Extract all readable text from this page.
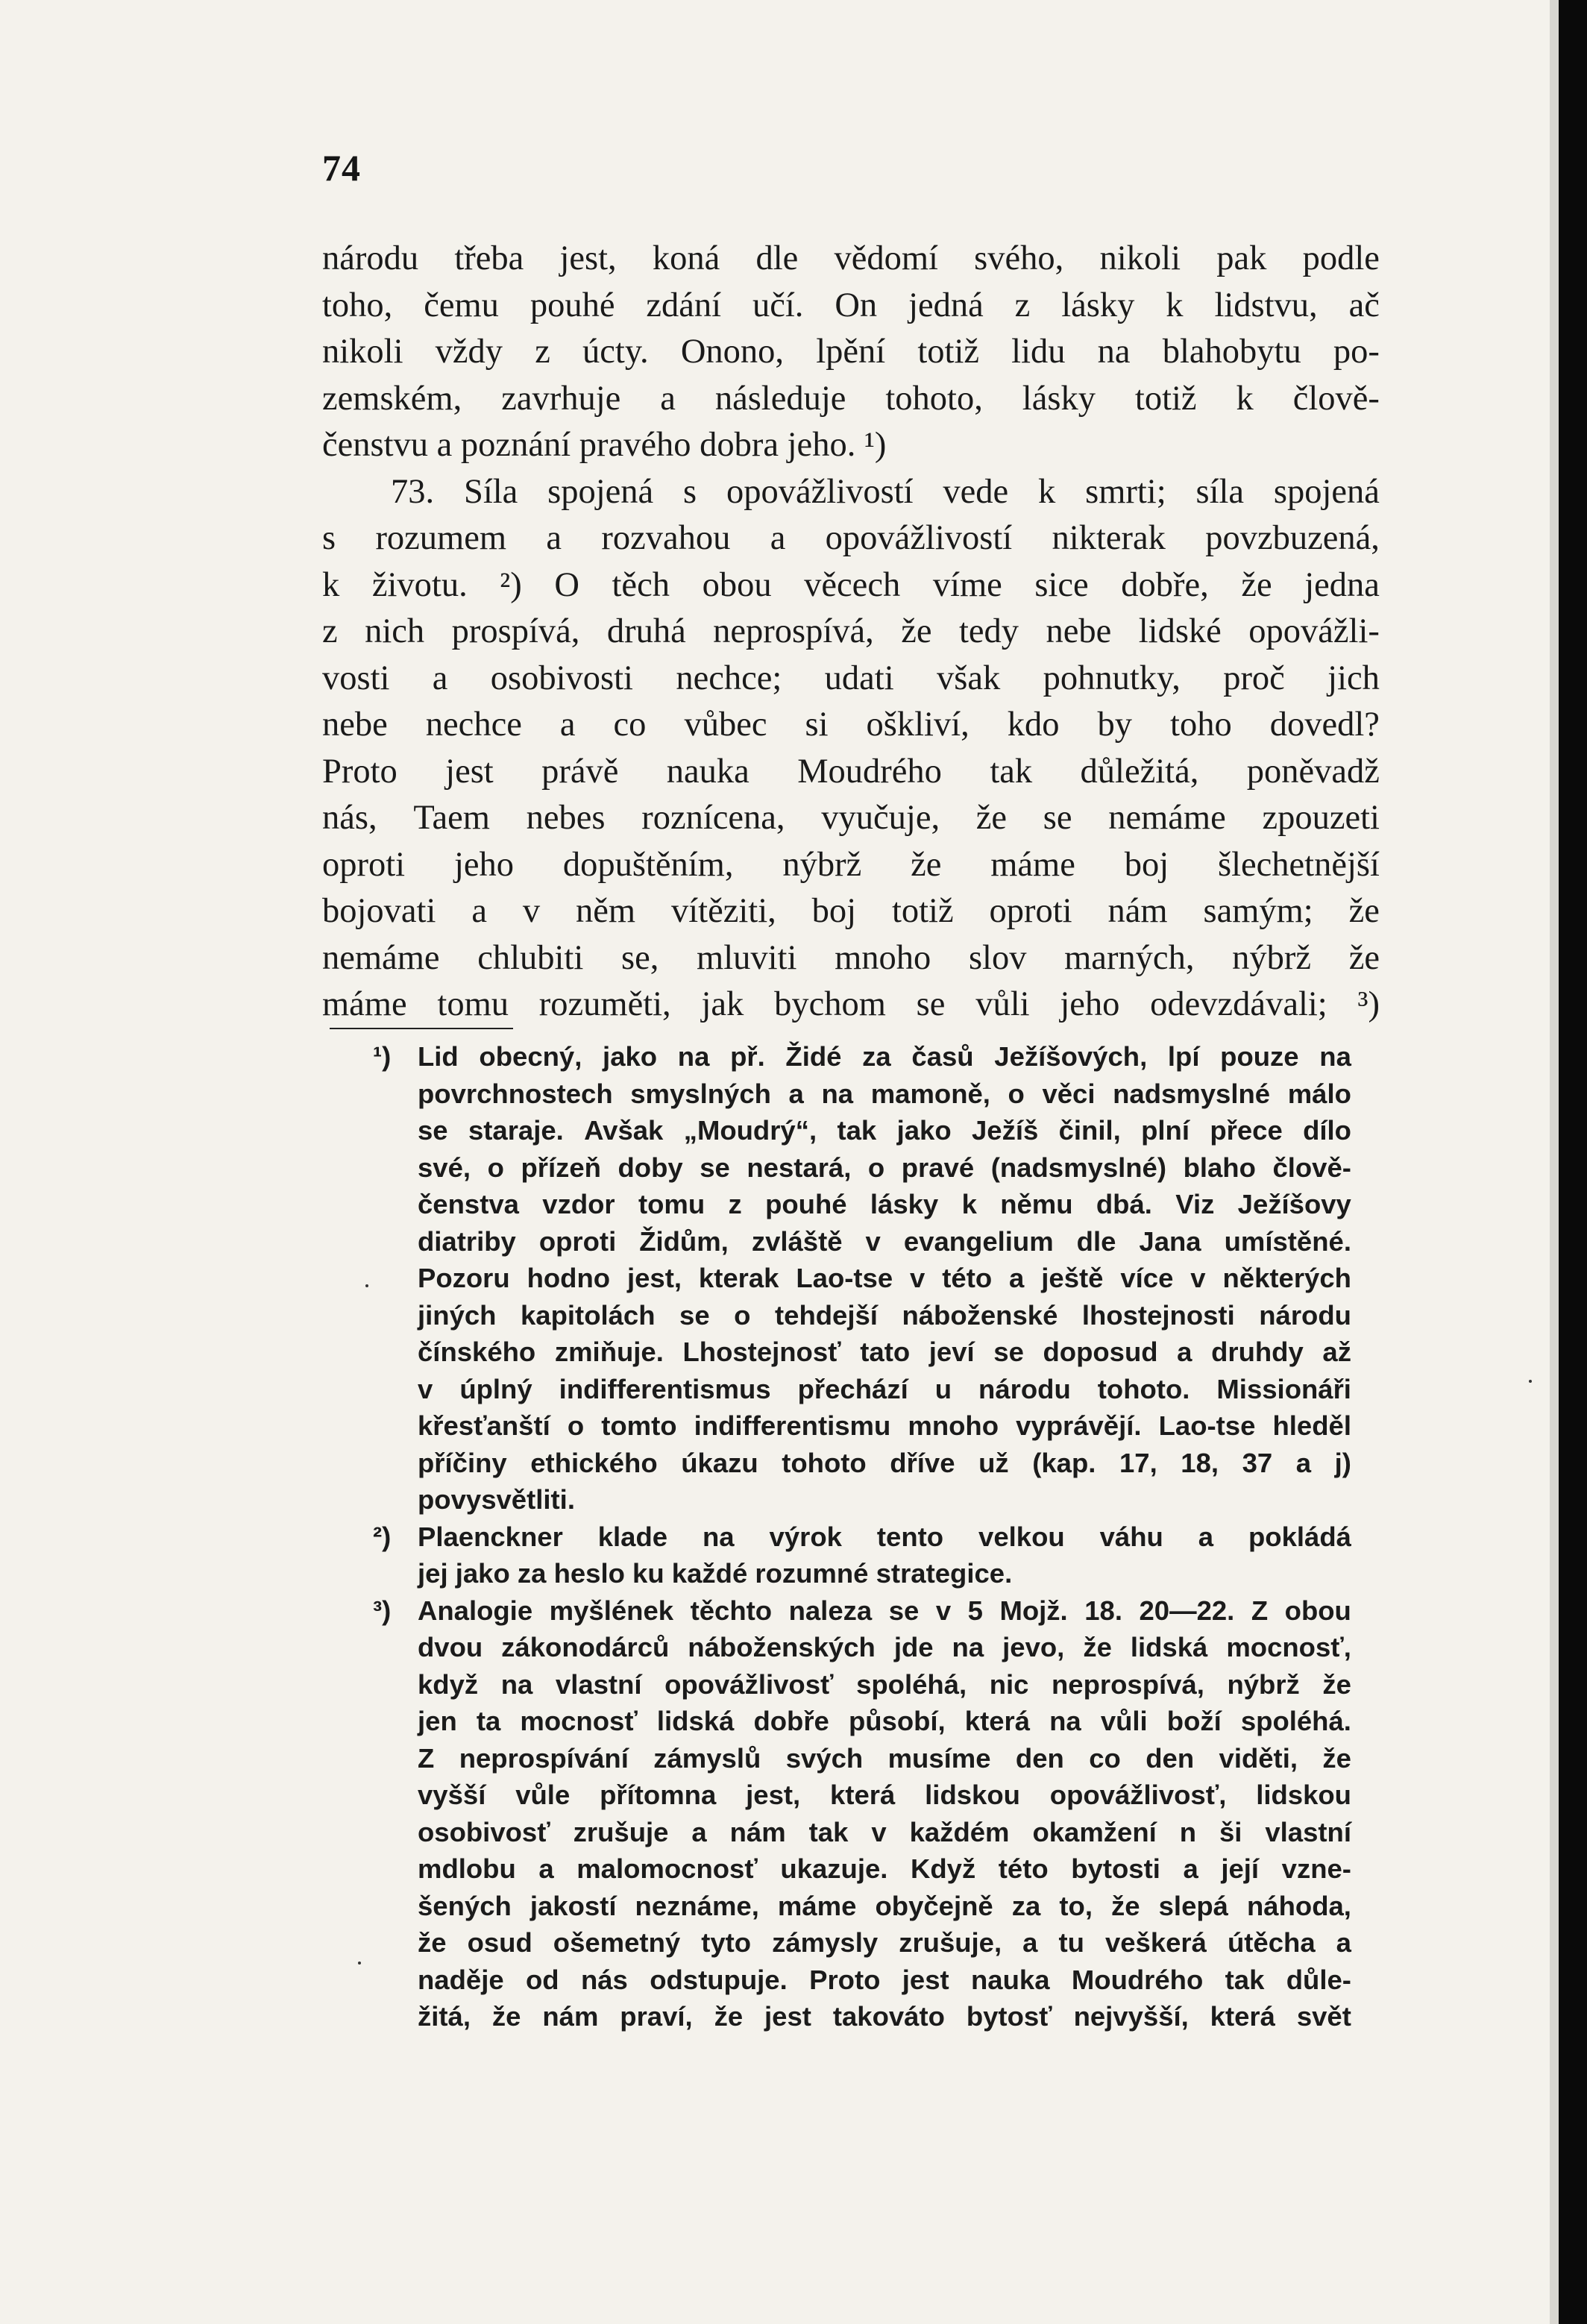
74
národu třeba jest, koná dle vědomí svého, nikoli pak podle
toho, čemu pouhé zdání učí. On jedná z lásky k lidstvu, ač
nikoli vždy z úcty. Onono, lpění totiž lidu na blahobytu po-
zemském, zavrhuje a následuje tohoto, lásky totiž k člově-
čenstvu a poznání pravého dobra jeho. ¹)
73. Síla spojená s opovážlivostí vede k smrti; síla spojená
s rozumem a rozvahou a opovážlivostí nikterak povzbuzená,
k životu. ²) O těch obou věcech víme sice dobře, že jedna
z nich prospívá, druhá neprospívá, že tedy nebe lidské opovážli-
vosti a osobivosti nechce; udati však pohnutky, proč jich
nebe nechce a co vůbec si oškliví, kdo by toho dovedl?
Proto jest právě nauka Moudrého tak důležitá, poněvadž
nás, Taem nebes roznícena, vyučuje, že se nemáme zpouzeti
oproti jeho dopuštěním, nýbrž že máme boj šlechetnější
bojovati a v něm vítěziti, boj totiž oproti nám samým; že
nemáme chlubiti se, mluviti mnoho slov marných, nýbrž že
máme tomu rozuměti, jak bychom se vůli jeho odevzdávali; ³)
¹) Lid obecný, jako na př. Židé za časů Ježíšových, lpí pouze na
povrchnostech smyslných a na mamoně, o věci nadsmyslné málo
se staraje. Avšak „Moudrý“, tak jako Ježíš činil, plní přece dílo
své, o přízeň doby se nestará, o pravé (nadsmyslné) blaho člově-
čenstva vzdor tomu z pouhé lásky k němu dbá. Viz Ježíšovy
diatriby oproti Židům, zvláště v evangelium dle Jana umístěné.
Pozoru hodno jest, kterak Lao-tse v této a ještě více v některých
jiných kapitolách se o tehdejší náboženské lhostejnosti národu
čínského zmiňuje. Lhostejnosť tato jeví se doposud a druhdy až
v úplný indifferentismus přechází u národu tohoto. Missionáři
křesťanští o tomto indifferentismu mnoho vyprávějí. Lao-tse hleděl
příčiny ethického úkazu tohoto dříve už (kap. 17, 18, 37 a j)
povysvětliti.
²) Plaenckner klade na výrok tento velkou váhu a pokládá
jej jako za heslo ku každé rozumné strategice.
³) Analogie myšlének těchto naleza se v 5 Mojž. 18. 20—22. Z obou
dvou zákonodárců náboženských jde na jevo, že lidská mocnosť,
když na vlastní opovážlivosť spoléhá, nic neprospívá, nýbrž že
jen ta mocnosť lidská dobře působí, která na vůli boží spoléhá.
Z neprospívání zámyslů svých musíme den co den viděti, že
vyšší vůle přítomna jest, která lidskou opovážlivosť, lidskou
osobivosť zrušuje a nám tak v každém okamžení n ši vlastní
mdlobu a malomocnosť ukazuje. Když této bytosti a její vzne-
šených jakostí neznáme, máme obyčejně za to, že slepá náhoda,
že osud ošemetný tyto zámysly zrušuje, a tu veškerá útěcha a
naděje od nás odstupuje. Proto jest nauka Moudrého tak důle-
žitá, že nám praví, že jest takováto bytosť nejvyšší, která svět
